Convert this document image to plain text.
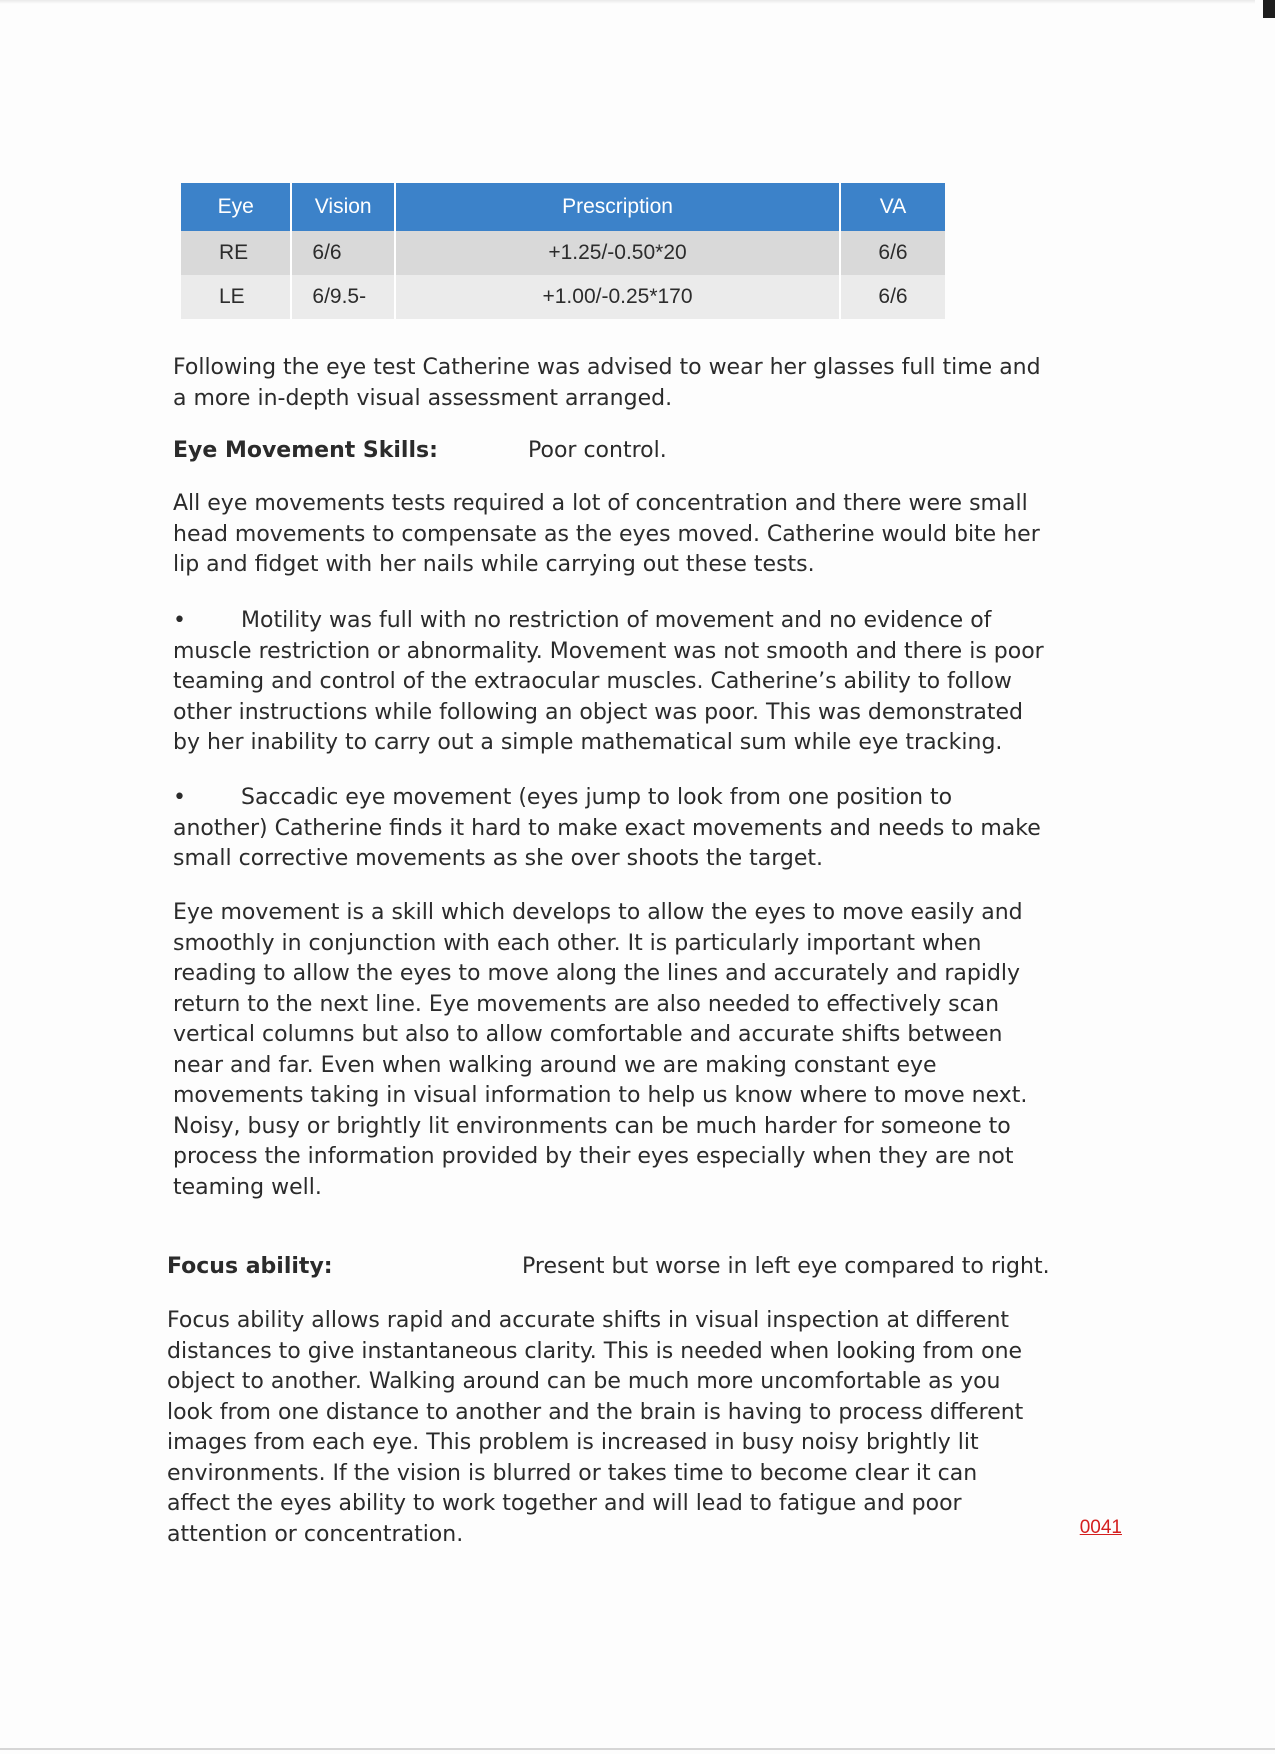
Eye	Vision	Prescription	VA
RE	6/6	+1.25/-0.50*20	6/6
LE	6/9.5-	+1.00/-0.25*170	6/6

Following the eye test Catherine was advised to wear her glasses full time and a more in-depth visual assessment arranged.

Eye Movement Skills:	Poor control.

All eye movements tests required a lot of concentration and there were small head movements to compensate as the eyes moved. Catherine would bite her lip and fidget with her nails while carrying out these tests.

•	Motility was full with no restriction of movement and no evidence of muscle restriction or abnormality. Movement was not smooth and there is poor teaming and control of the extraocular muscles. Catherine’s ability to follow other instructions while following an object was poor. This was demonstrated by her inability to carry out a simple mathematical sum while eye tracking.

•	Saccadic eye movement (eyes jump to look from one position to another) Catherine finds it hard to make exact movements and needs to make small corrective movements as she over shoots the target.

Eye movement is a skill which develops to allow the eyes to move easily and smoothly in conjunction with each other. It is particularly important when reading to allow the eyes to move along the lines and accurately and rapidly return to the next line. Eye movements are also needed to effectively scan vertical columns but also to allow comfortable and accurate shifts between near and far. Even when walking around we are making constant eye movements taking in visual information to help us know where to move next. Noisy, busy or brightly lit environments can be much harder for someone to process the information provided by their eyes especially when they are not teaming well.

Focus ability:	Present but worse in left eye compared to right.

Focus ability allows rapid and accurate shifts in visual inspection at different distances to give instantaneous clarity. This is needed when looking from one object to another. Walking around can be much more uncomfortable as you look from one distance to another and the brain is having to process different images from each eye. This problem is increased in busy noisy brightly lit environments. If the vision is blurred or takes time to become clear it can affect the eyes ability to work together and will lead to fatigue and poor attention or concentration.	0041
